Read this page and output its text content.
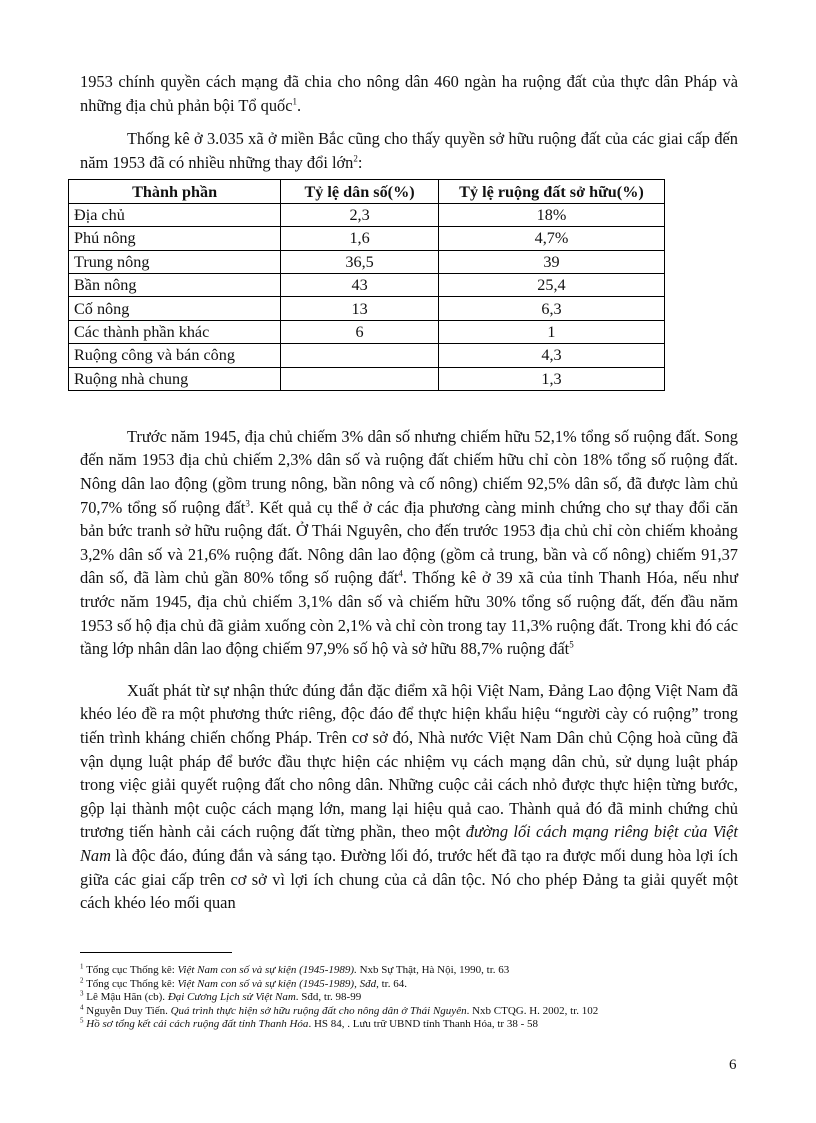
1953 chính quyền cách mạng đã chia cho nông dân 460 ngàn ha ruộng đất của thực dân Pháp và những địa chủ phản bội Tổ quốc$^1$.

Thống kê ở 3.035 xã ở miền Bắc cũng cho thấy quyền sở hữu ruộng đất của các giai cấp đến năm 1953 đã có nhiều những thay đổi lớn$^2$:

Thành phần	Tỷ lệ dân số(%)	Tỷ lệ ruộng đất sở hữu(%)
Địa chủ	2,3	18%
Phú nông	1,6	4,7%
Trung nông	36,5	39
Bần nông	43	25,4
Cố nông	13	6,3
Các thành phần khác	6	1
Ruộng công và bán công		4,3
Ruộng nhà chung		1,3

Trước năm 1945, địa chủ chiếm 3% dân số nhưng chiếm hữu 52,1% tổng số ruộng đất. Song đến năm 1953 địa chủ chiếm 2,3% dân số và ruộng đất chiếm hữu chỉ còn 18% tổng số ruộng đất. Nông dân lao động (gồm trung nông, bần nông và cố nông) chiếm 92,5% dân số, đã được làm chủ 70,7% tổng số ruộng đất$^3$. Kết quả cụ thể ở các địa phương càng minh chứng cho sự thay đổi căn bản bức tranh sở hữu ruộng đất. Ở Thái Nguyên, cho đến trước 1953 địa chủ chỉ còn chiếm khoảng 3,2% dân số và 21,6% ruộng đất. Nông dân lao động (gồm cả trung, bần và cố nông) chiếm 91,37 dân số, đã làm chủ gần 80% tổng số ruộng đất$^4$. Thống kê ở 39 xã của tỉnh Thanh Hóa, nếu như trước năm 1945, địa chủ chiếm 3,1% dân số và chiếm hữu 30% tổng số ruộng đất, đến đầu năm 1953 số hộ địa chủ đã giảm xuống còn 2,1% và chỉ còn trong tay 11,3% ruộng đất. Trong khi đó các tầng lớp nhân dân lao động chiếm 97,9% số hộ và sở hữu 88,7% ruộng đất$^5$

Xuất phát từ sự nhận thức đúng đắn đặc điểm xã hội Việt Nam, Đảng Lao động Việt Nam đã khéo léo đề ra một phương thức riêng, độc đáo để thực hiện khẩu hiệu “người cày có ruộng” trong tiến trình kháng chiến chống Pháp. Trên cơ sở đó, Nhà nước Việt Nam Dân chủ Cộng hoà cũng đã vận dụng luật pháp để bước đầu thực hiện các nhiệm vụ cách mạng dân chủ, sử dụng luật pháp trong việc giải quyết ruộng đất cho nông dân. Những cuộc cải cách nhỏ được thực hiện từng bước, gộp lại thành một cuộc cách mạng lớn, mang lại hiệu quả cao. Thành quả đó đã minh chứng chủ trương tiến hành cải cách ruộng đất từng phần, theo một đường lối cách mạng riêng biệt của Việt Nam là độc đáo, đúng đắn và sáng tạo. Đường lối đó, trước hết đã tạo ra được mối dung hòa lợi ích giữa các giai cấp trên cơ sở vì lợi ích chung của cả dân tộc. Nó cho phép Đảng ta giải quyết một cách khéo léo mối quan

$^1$ Tổng cục Thống kê: Việt Nam con số và sự kiện (1945-1989). Nxb Sự Thật, Hà Nội, 1990, tr. 63
$^2$ Tổng cục Thống kê: Việt Nam con số và sự kiện (1945-1989), Sđd, tr. 64.
$^3$ Lê Mậu Hãn (cb). Đại Cương Lịch sử Việt Nam. Sđd, tr. 98-99
$^4$ Nguyễn Duy Tiến. Quá trình thực hiện sở hữu ruộng đất cho nông dân ở Thái Nguyên. Nxb CTQG. H. 2002, tr. 102
$^5$ Hồ sơ tổng kết cải cách ruộng đất tỉnh Thanh Hóa. HS 84, . Lưu trữ UBND tỉnh Thanh Hóa, tr 38 - 58
6
